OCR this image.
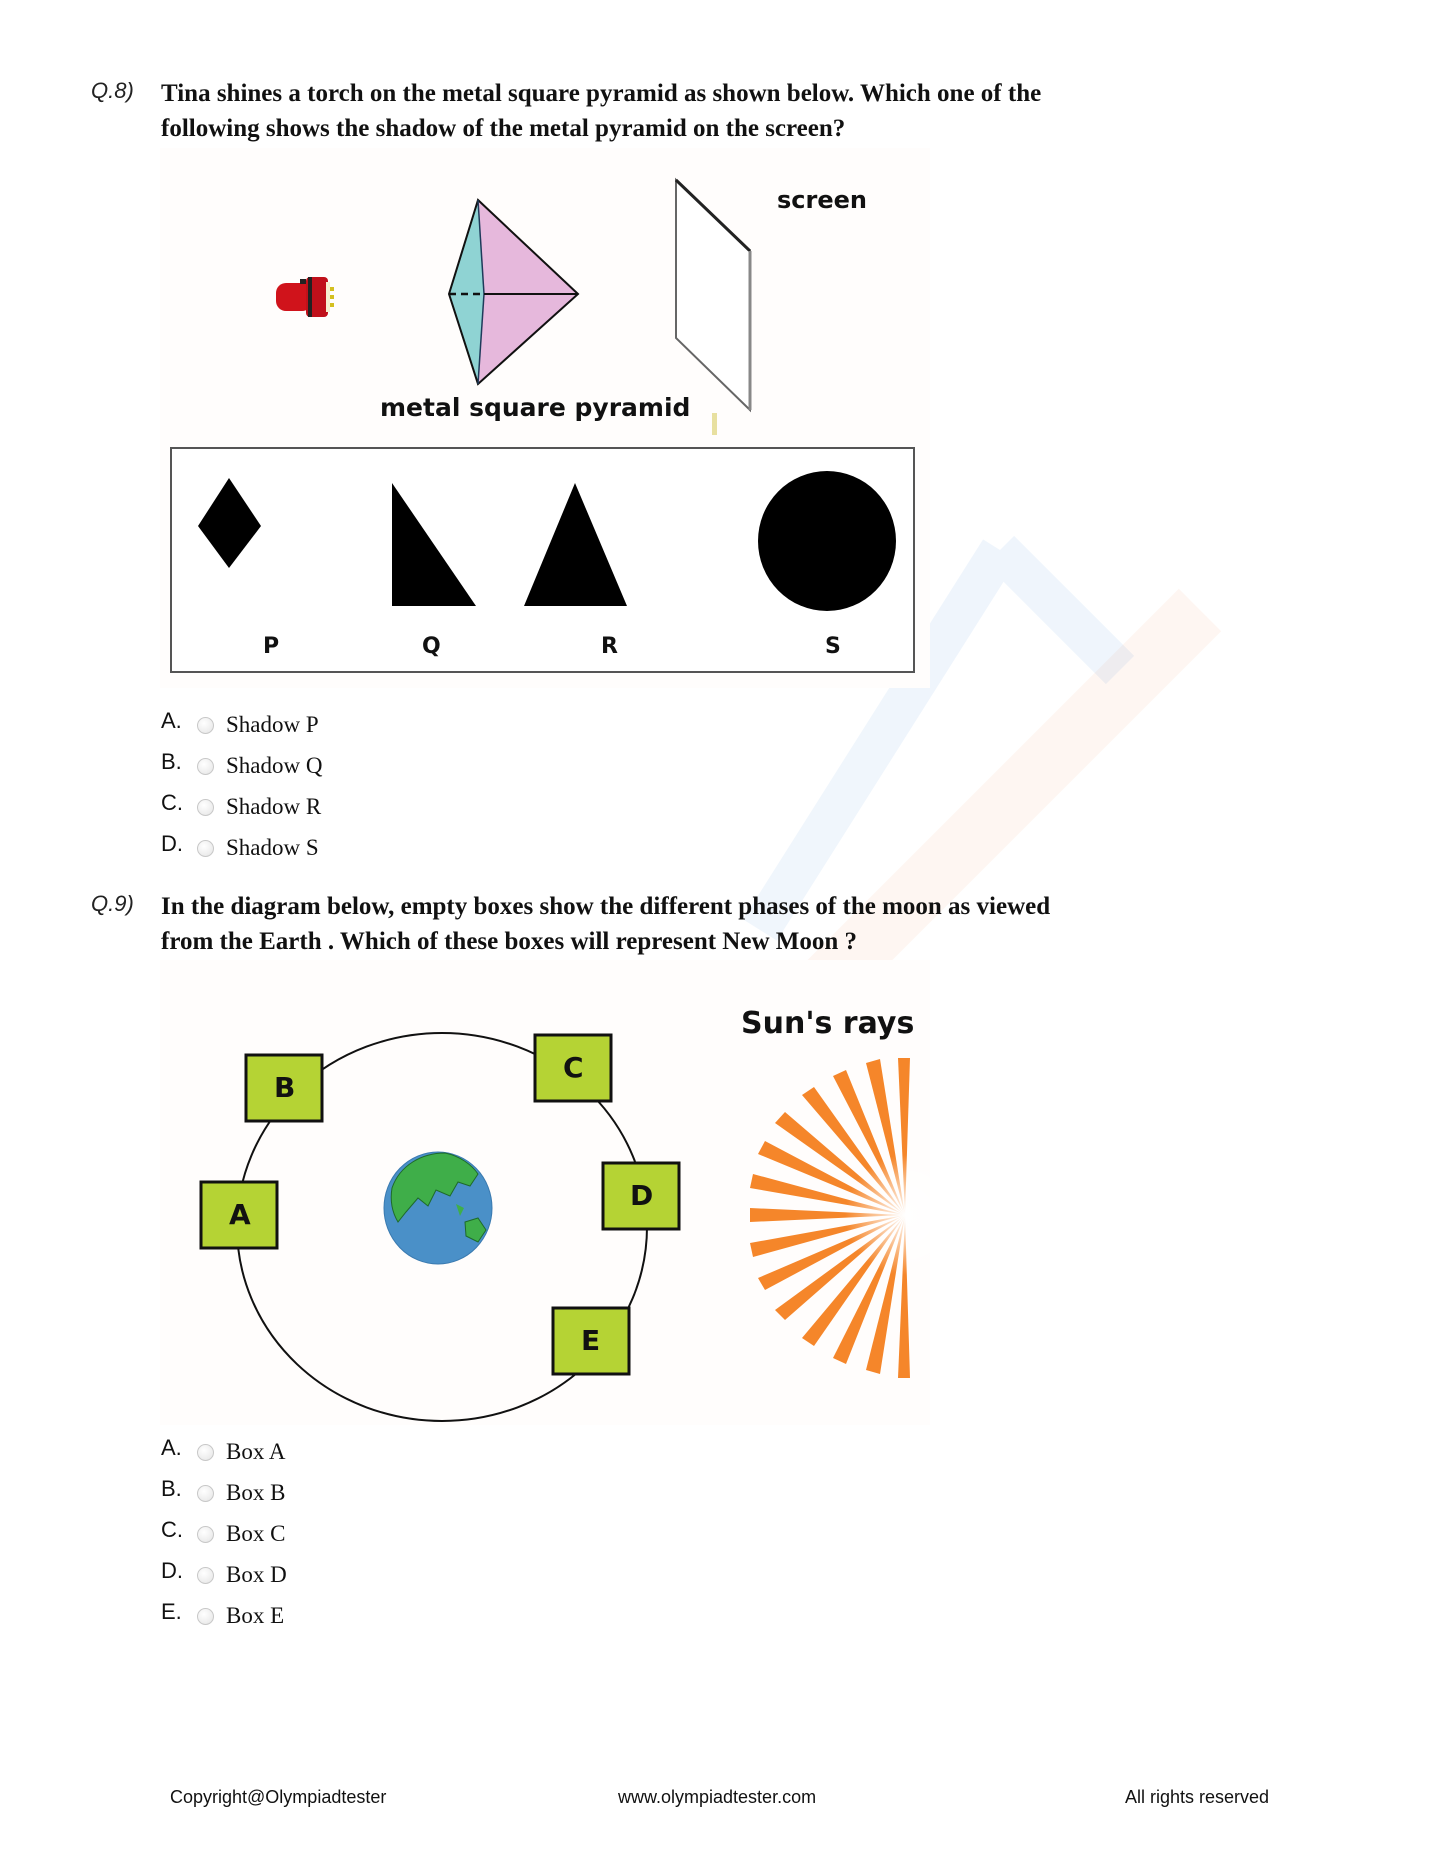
Q.8) Tina shines a torch on the metal square pyramid as shown below. Which one of the
following shows the shadow of the metal pyramid on the screen?
screen
metal square pyramid
P	Q	R	S
A.	Shadow P
B.	Shadow Q
C.	Shadow R
D.	Shadow S
Q.9) In the diagram below, empty boxes show the different phases of the moon as viewed
from the Earth . Which of these boxes will represent New Moon ?
Sun's rays
B
C
A
D
E
A.	Box A
B.	Box B
C.	Box C
D.	Box D
E.	Box E
Copyright@Olympiadtester	www.olympiadtester.com	All rights reserved
